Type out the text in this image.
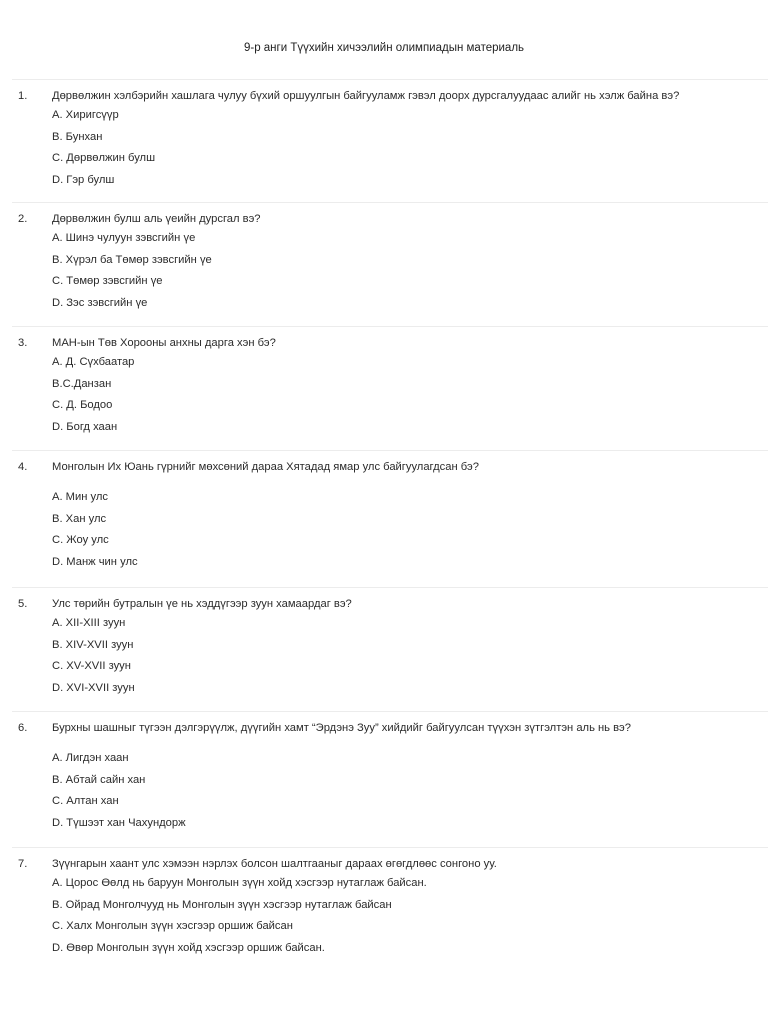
9-р анги Түүхийн хичээлийн олимпиадын материаль
1.	Дөрвөлжин хэлбэрийн хашлага чулуу бүхий оршуулгын байгууламж гэвэл доорх дурсгалуудаас алийг нь хэлж байна вэ?
A. Хиригсүүр
B. Бунхан
C. Дөрвөлжин булш
D. Гэр булш
2.	Дөрвөлжин булш аль үеийн дурсгал вэ?
A. Шинэ чулуун зэвсгийн үе
B. Хүрэл ба Төмөр зэвсгийн үе
C. Төмөр зэвсгийн үе
D. Зэс зэвсгийн үе
3.	МАН-ын Төв Хорооны анхны дарга хэн бэ?
A. Д. Сүхбаатар
B.С.Данзан
C. Д. Бодоо
D. Богд хаан
4.	Монголын Их Юань гүрнийг мөхсөний дараа Хятадад ямар улс байгуулагдсан бэ?
A. Мин улс
B. Хан улс
C. Жоу улс
D. Манж чин улс
5.	Улс төрийн бутралын үе нь хэддүгээр зуун хамаардаг вэ?
A. XII-XIII зуун
B. XIV-XVII зуун
C. XV-XVII зуун
D. XVI-XVII зуун
6.	Бурхны шашныг түгээн дэлгэрүүлж, дүүгийн хамт “Эрдэнэ Зуу” хийдийг байгуулсан түүхэн зүтгэлтэн аль нь вэ?
A. Лигдэн хаан
B. Абтай сайн хан
C. Алтан хан
D. Түшээт хан Чахундорж
7.	Зүүнгарын хаант улс хэмээн нэрлэх болсон шалтгааныг дараах өгөгдлөөс сонгоно уу.
A. Цорос Өөлд нь баруун Монголын зүүн хойд хэсгээр нутаглаж байсан.
B. Ойрад Монголчууд нь Монголын зүүн хэсгээр нутаглаж байсан
C. Халх Монголын зүүн хэсгээр оршиж байсан
D. Өвөр Монголын зүүн хойд хэсгээр оршиж байсан.
